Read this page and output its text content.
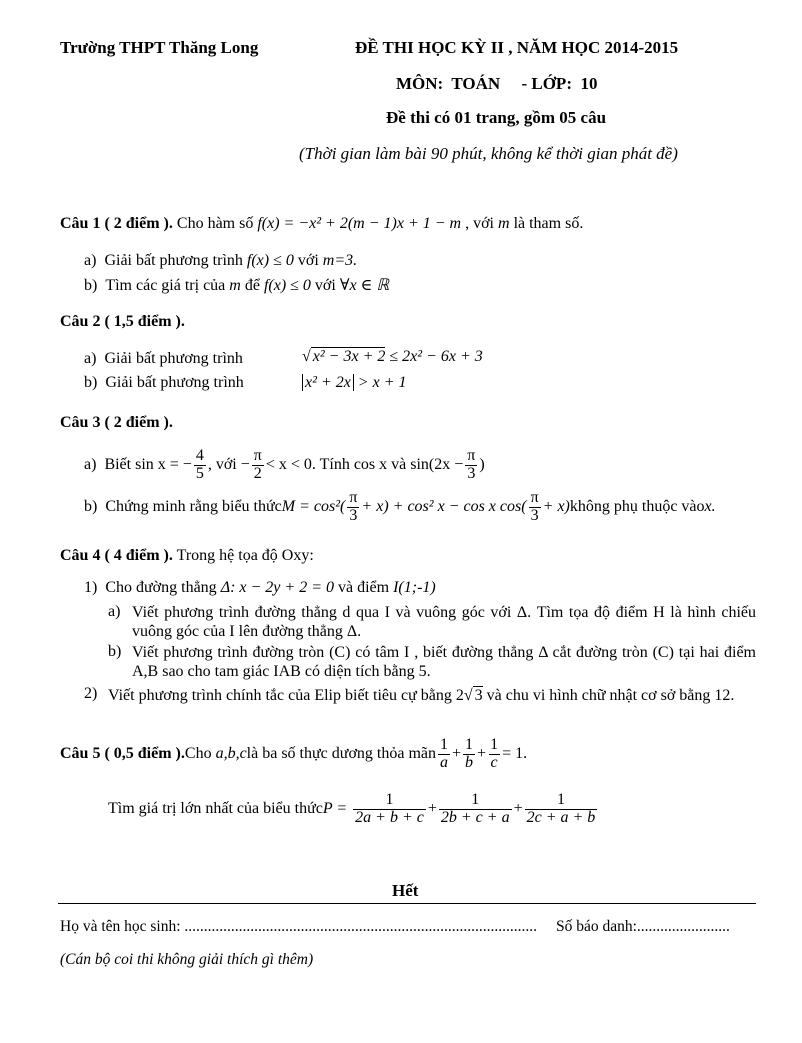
Trường THPT Thăng Long	ĐỀ THI HỌC KỲ II , NĂM HỌC 2014-2015
MÔN:  TOÁN     - LỚP:  10
Đề thi có 01 trang, gồm 05 câu
(Thời gian làm bài 90 phút, không kể thời gian phát đề)
Câu 1 ( 2 điểm ). Cho hàm số f(x) = −x² + 2(m − 1)x + 1 − m , với m là tham số.
a) Giải bất phương trình f(x) ≤ 0 với m=3.
b) Tìm các giá trị của m để f(x) ≤ 0 với ∀x ∈ ℝ
Câu 2 ( 1,5 điểm ).
a) Giải bất phương trình	√ x² − 3x + 2 ≤ 2x² − 6x + 3
b) Giải bất phương trình	x² + 2x > x + 1
Câu 3 ( 2 điểm ).
a)
Biết sin x = − $\frac{4}{5}$ , với − $\frac{\pi}{2} < x < 0$. Tính cos x và $\sin(2x - \frac{\pi}{3}$ )
b)
Chứng minh rằng biểu thức $M = \cos^2( \frac{\pi}{3} + x) + \cos^2$ x − cos x $\cos( \frac{\pi}{3} + x)$ không phụ thuộc vào x.
Câu 4 ( 4 điểm ). Trong hệ tọa độ Oxy:
1) Cho đường thẳng Δ: x − 2y + 2 = 0 và điểm I(1;-1)
a) Viết phương trình đường thẳng d qua I và vuông góc với Δ. Tìm tọa độ điểm H là hình chiếu vuông góc của I lên đường thẳng Δ.
b) Viết phương trình đường tròn (C) có tâm I , biết đường thẳng Δ cắt đường tròn (C) tại hai điểm A,B sao cho tam giác IAB có diện tích bằng 5.
2) Viết phương trình chính tắc của Elip biết tiêu cự bằng 2√ 3 và chu vi hình chữ nhật cơ sở bằng 12.
Câu 5 ( 0,5 điểm ). Cho
a,b,c là ba số thực dương thỏa mãn $\frac{1}{a} + \frac{1}{b} + \frac{1}{c} = 1$.
Tìm giá trị lớn nhất của biểu thức $P = \frac{1}{2a + b + c} + \frac{1}{2b + c + a} + \frac{1}{2c + a + b}$
Hết
Họ và tên học sinh: ........................................................................................... Số báo danh:........................
(Cán bộ coi thi không giải thích gì thêm)
